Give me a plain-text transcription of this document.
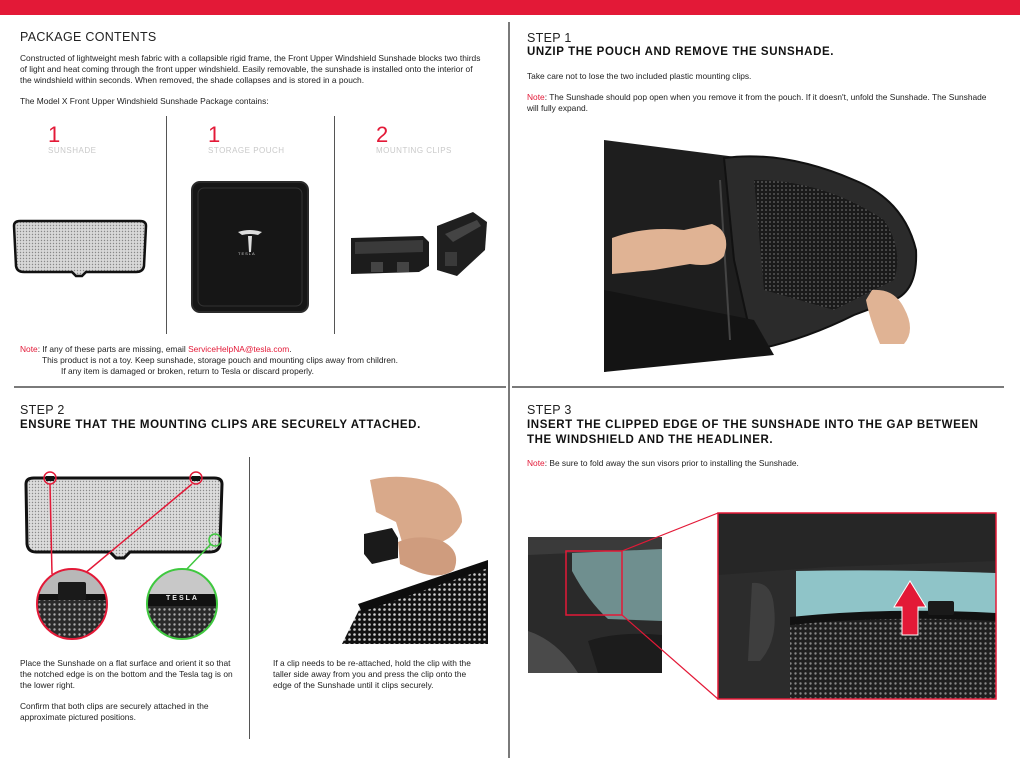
PACKAGE CONTENTS
Constructed of lightweight mesh fabric with a collapsible rigid frame, the Front Upper Windshield Sunshade blocks two thirds of light and heat coming through the front upper windshield. Easily removable, the sunshade is installed onto the interior of the windshield within seconds. When removed, the shade collapses and is stored in a pouch.
The Model X Front Upper Windshield Sunshade Package contains:
1
SUNSHADE
1
STORAGE POUCH
2
MOUNTING CLIPS
TESLA
Note: If any of these parts are missing, email ServiceHelpNA@tesla.com.
This product is not a toy. Keep sunshade, storage pouch and mounting clips away from children.
If any item is damaged or broken, return to Tesla or discard properly.
STEP 1
UNZIP THE POUCH AND REMOVE THE SUNSHADE.
Take care not to lose the two included plastic mounting clips.
Note: The Sunshade should pop open when you remove it from the pouch. If it doesn't, unfold the Sunshade. The Sunshade will fully expand.
STEP 2
ENSURE THAT THE MOUNTING CLIPS ARE SECURELY ATTACHED.
TESLA
Place the Sunshade on a flat surface and orient it so that the notched edge is on the bottom and the Tesla tag is on the lower right.
Confirm that both clips are securely attached in the approximate pictured positions.
If a clip needs to be re-attached, hold the clip with the taller side away from you and press the clip onto the edge of the Sunshade until it clips securely.
STEP 3
INSERT THE CLIPPED EDGE OF THE SUNSHADE INTO THE GAP BETWEEN THE WINDSHIELD AND THE HEADLINER.
Note: Be sure to fold away the sun visors prior to installing the Sunshade.
